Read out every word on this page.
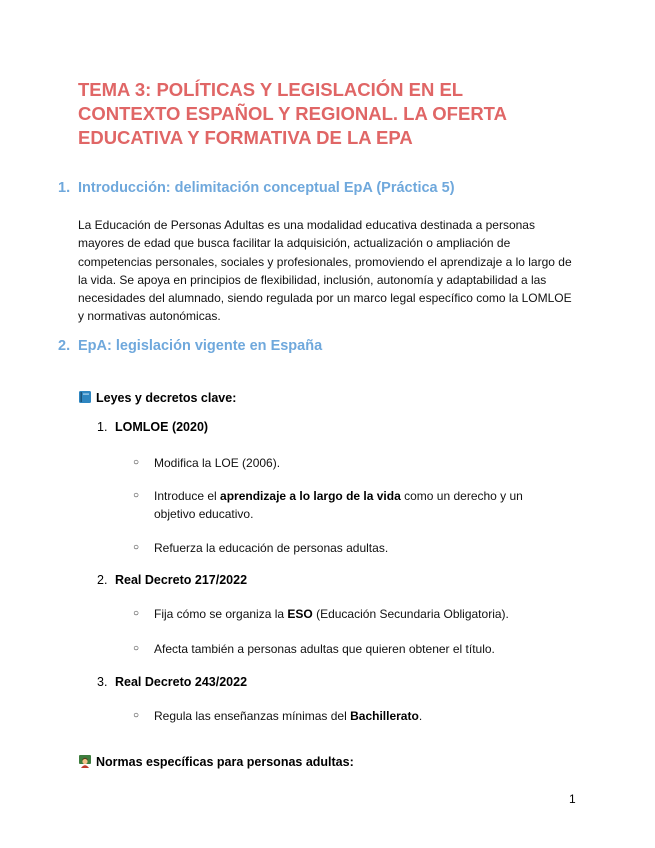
TEMA 3: POLÍTICAS Y LEGISLACIÓN EN EL CONTEXTO ESPAÑOL Y REGIONAL. LA OFERTA EDUCATIVA Y FORMATIVA DE LA EPA
1. Introducción: delimitación conceptual EpA (Práctica 5)

La Educación de Personas Adultas es una modalidad educativa destinada a personas mayores de edad que busca facilitar la adquisición, actualización o ampliación de competencias personales, sociales y profesionales, promoviendo el aprendizaje a lo largo de la vida. Se apoya en principios de flexibilidad, inclusión, autonomía y adaptabilidad a las necesidades del alumnado, siendo regulada por un marco legal específico como la LOMLOE y normativas autonómicas.

2. EpA: legislación vigente en España
Leyes y decretos clave:
1. LOMLOE (2020)
○ Modifica la LOE (2006).
○ Introduce el aprendizaje a lo largo de la vida como un derecho y un objetivo educativo.
○ Refuerza la educación de personas adultas.
2. Real Decreto 217/2022
○ Fija cómo se organiza la ESO (Educación Secundaria Obligatoria).
○ Afecta también a personas adultas que quieren obtener el título.
3. Real Decreto 243/2022
○ Regula las enseñanzas mínimas del Bachillerato.
Normas específicas para personas adultas:
1
